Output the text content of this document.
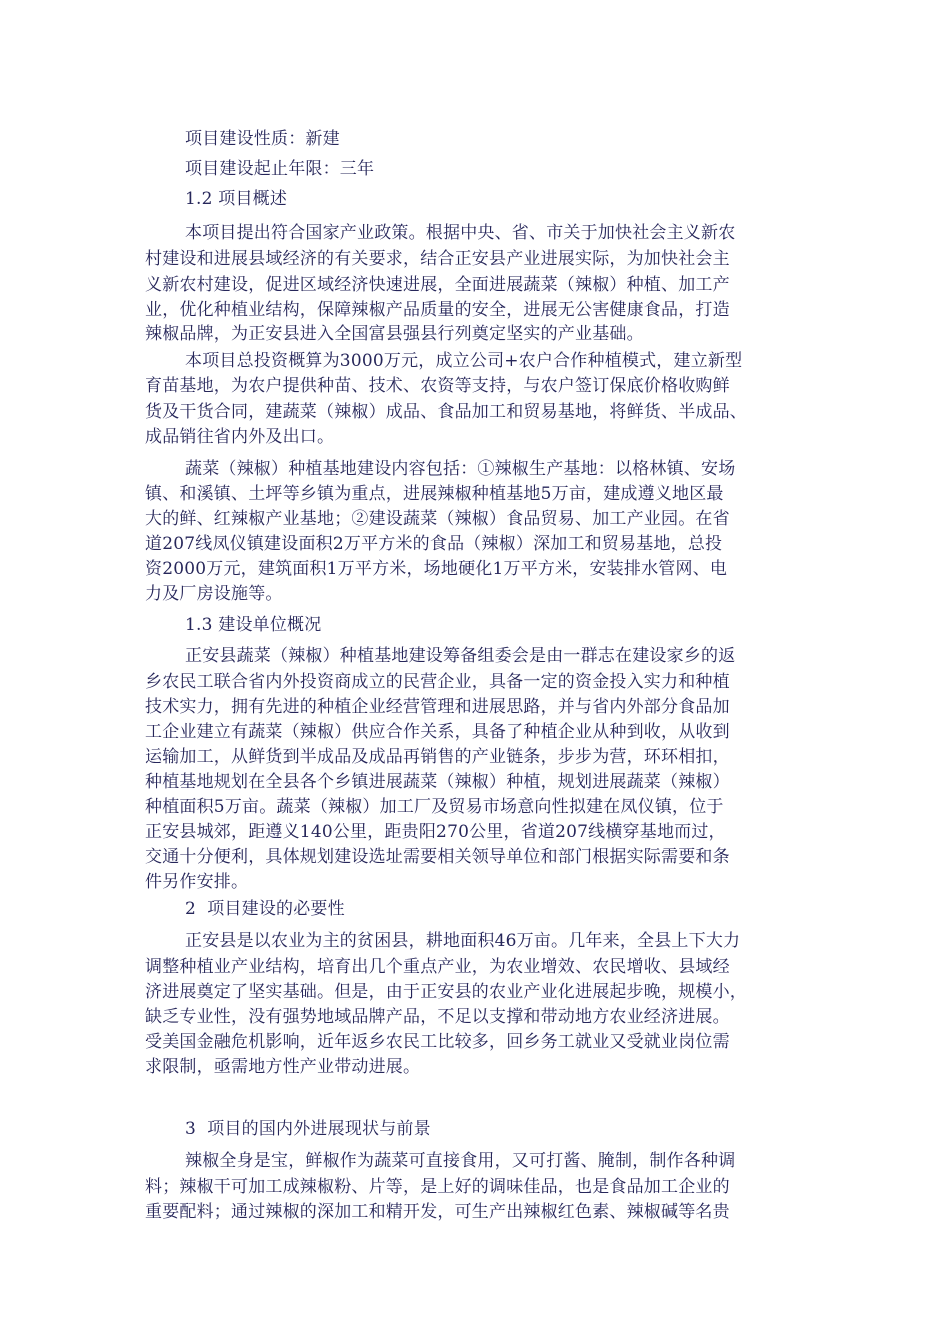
项目建设性质：新建
项目建设起止年限：三年
1.2 项目概述
本项目提出符合国家产业政策。根据中央、省、市关于加快社会主义新农
村建设和进展县域经济的有关要求，结合正安县产业进展实际，为加快社会主
义新农村建设，促进区域经济快速进展，全面进展蔬菜（辣椒）种植、加工产
业，优化种植业结构，保障辣椒产品质量的安全，进展无公害健康食品，打造
辣椒品牌，为正安县进入全国富县强县行列奠定坚实的产业基础。
本项目总投资概算为3000万元，成立公司+农户合作种植模式，建立新型
育苗基地，为农户提供种苗、技术、农资等支持，与农户签订保底价格收购鲜
货及干货合同，建蔬菜（辣椒）成品、食品加工和贸易基地，将鲜货、半成品、
成品销往省内外及出口。
蔬菜（辣椒）种植基地建设内容包括：①辣椒生产基地：以格林镇、安场
镇、和溪镇、土坪等乡镇为重点，进展辣椒种植基地5万亩，建成遵义地区最
大的鲜、红辣椒产业基地；②建设蔬菜（辣椒）食品贸易、加工产业园。在省
道207线凤仪镇建设面积2万平方米的食品（辣椒）深加工和贸易基地，总投
资2000万元，建筑面积1万平方米，场地硬化1万平方米，安装排水管网、电
力及厂房设施等。
1.3 建设单位概况
正安县蔬菜（辣椒）种植基地建设筹备组委会是由一群志在建设家乡的返
乡农民工联合省内外投资商成立的民营企业，具备一定的资金投入实力和种植
技术实力，拥有先进的种植企业经营管理和进展思路，并与省内外部分食品加
工企业建立有蔬菜（辣椒）供应合作关系，具备了种植企业从种到收，从收到
运输加工，从鲜货到半成品及成品再销售的产业链条，步步为营，环环相扣，
种植基地规划在全县各个乡镇进展蔬菜（辣椒）种植，规划进展蔬菜（辣椒）
种植面积5万亩。蔬菜（辣椒）加工厂及贸易市场意向性拟建在凤仪镇，位于
正安县城郊，距遵义140公里，距贵阳270公里，省道207线横穿基地而过，
交通十分便利，具体规划建设选址需要相关领导单位和部门根据实际需要和条
件另作安排。
2  项目建设的必要性
正安县是以农业为主的贫困县，耕地面积46万亩。几年来，全县上下大力
调整种植业产业结构，培育出几个重点产业，为农业增效、农民增收、县域经
济进展奠定了坚实基础。但是，由于正安县的农业产业化进展起步晚，规模小，
缺乏专业性，没有强势地域品牌产品，不足以支撑和带动地方农业经济进展。
受美国金融危机影响，近年返乡农民工比较多，回乡务工就业又受就业岗位需
求限制，亟需地方性产业带动进展。
3  项目的国内外进展现状与前景
辣椒全身是宝，鲜椒作为蔬菜可直接食用，又可打酱、腌制，制作各种调
料；辣椒干可加工成辣椒粉、片等，是上好的调味佳品，也是食品加工企业的
重要配料；通过辣椒的深加工和精开发，可生产出辣椒红色素、辣椒碱等名贵
